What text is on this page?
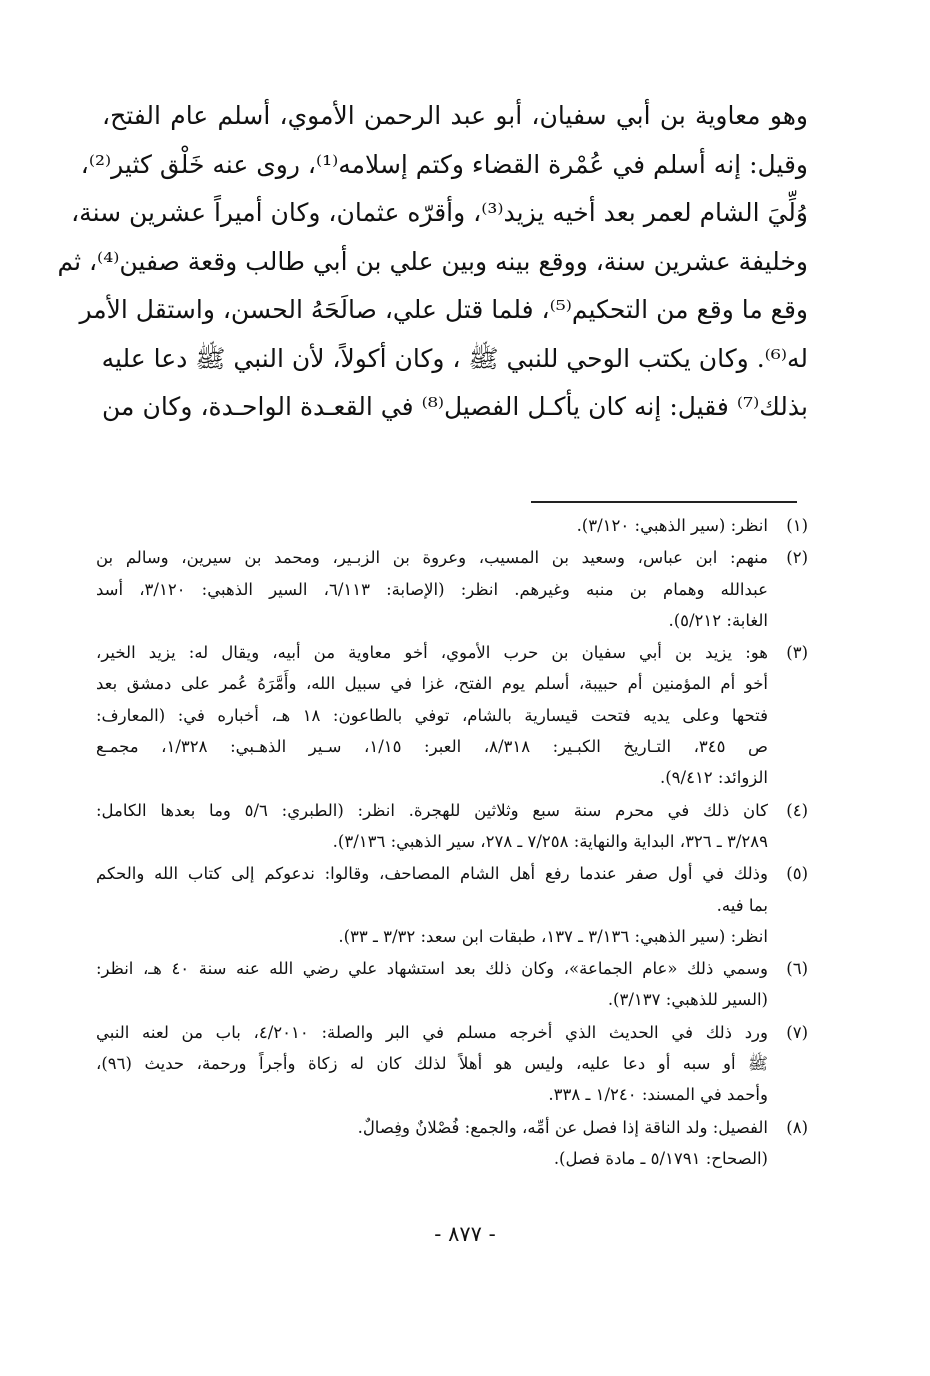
وهو معاوية بن أبي سفيان، أبو عبد الرحمن الأموي، أسلم عام الفتح،
وقيل: إنه أسلم في عُمْرة القضاء وكتم إسلامه⁽¹⁾، روى عنه خَلْق كثير⁽²⁾،
وُلِّيَ الشام لعمر بعد أخيه يزيد⁽³⁾، وأقرّه عثمان، وكان أميراً عشرين سنة،
وخليفة عشرين سنة، ووقع بينه وبين علي بن أبي طالب وقعة صفين⁽⁴⁾، ثم
وقع ما وقع من التحكيم⁽⁵⁾، فلما قتل علي، صالَحَهُ الحسن، واستقل الأمر
له⁽⁶⁾. وكان يكتب الوحي للنبي ﷺ ، وكان أكولاً، لأن النبي ﷺ دعا عليه
بذلك⁽⁷⁾ فقيل: إنه كان يأكـل الفصيل⁽⁸⁾ في القعـدة الواحـدة، وكان من
(١)
انظر: (سير الذهبي: ٣/١٢٠).
(٢)
منهم: ابن عباس، وسعيد بن المسيب، وعروة بن الزبـير، ومحمد بن سيرين، وسالم بن
عبدالله وهمام بن منبه وغيرهم. انظر: (الإصابة: ٦/١١٣، السير الذهبي: ٣/١٢٠، أسد
الغابة: ٥/٢١٢).
(٣)
هو: يزيد بن أبي سفيان بن حرب الأموي، أخو معاوية من أبيه، ويقال له: يزيد الخير،
أخو أم المؤمنين أم حبيبة، أسلم يوم الفتح، غزا في سبيل الله، وأَمَّرَهُ عُمر على دمشق بعد
فتحها وعلى يديه فتحت قيسارية بالشام، توفي بالطاعون: ١٨ هـ، أخباره في: (المعارف:
ص ٣٤٥، التـاريخ الكبـير: ٨/٣١٨، العبر: ١/١٥، سـير الذهـبي: ١/٣٢٨، مجمـع
الزوائد: ٩/٤١٢).
(٤)
كان ذلك في محرم سنة سبع وثلاثين للهجرة. انظر: (الطبري: ٥/٦ وما بعدها الكامل:
٣/٢٨٩ ـ ٣٢٦، البداية والنهاية: ٧/٢٥٨ ـ ٢٧٨، سير الذهبي: ٣/١٣٦).
(٥)
وذلك في أول صفر عندما رفع أهل الشام المصاحف، وقالوا: ندعوكم إلى كتاب الله والحكم
بما فيه.
انظر: (سير الذهبي: ٣/١٣٦ ـ ١٣٧، طبقات ابن سعد: ٣/٣٢ ـ ٣٣).
(٦)
وسمي ذلك «عام الجماعة»، وكان ذلك بعد استشهاد علي رضي الله عنه سنة ٤٠ هـ، انظر:
(السير للذهبي: ٣/١٣٧).
(٧)
ورد ذلك في الحديث الذي أخرجه مسلم في البر والصلة: ٤/٢٠١٠، باب من لعنه النبي
ﷺ أو سبه أو دعا عليه، وليس هو أهلاً لذلك كان له زكاة وأجراً ورحمة، حديث (٩٦)،
وأحمد في المسند: ١/٢٤٠ ـ ٣٣٨.
(٨)
الفصيل: ولد الناقة إذا فصل عن أمِّه، والجمع: فُصْلانٌ وفِصالٌ.
(الصحاح: ٥/١٧٩١ ـ مادة فصل).
- ٨٧٧ -
